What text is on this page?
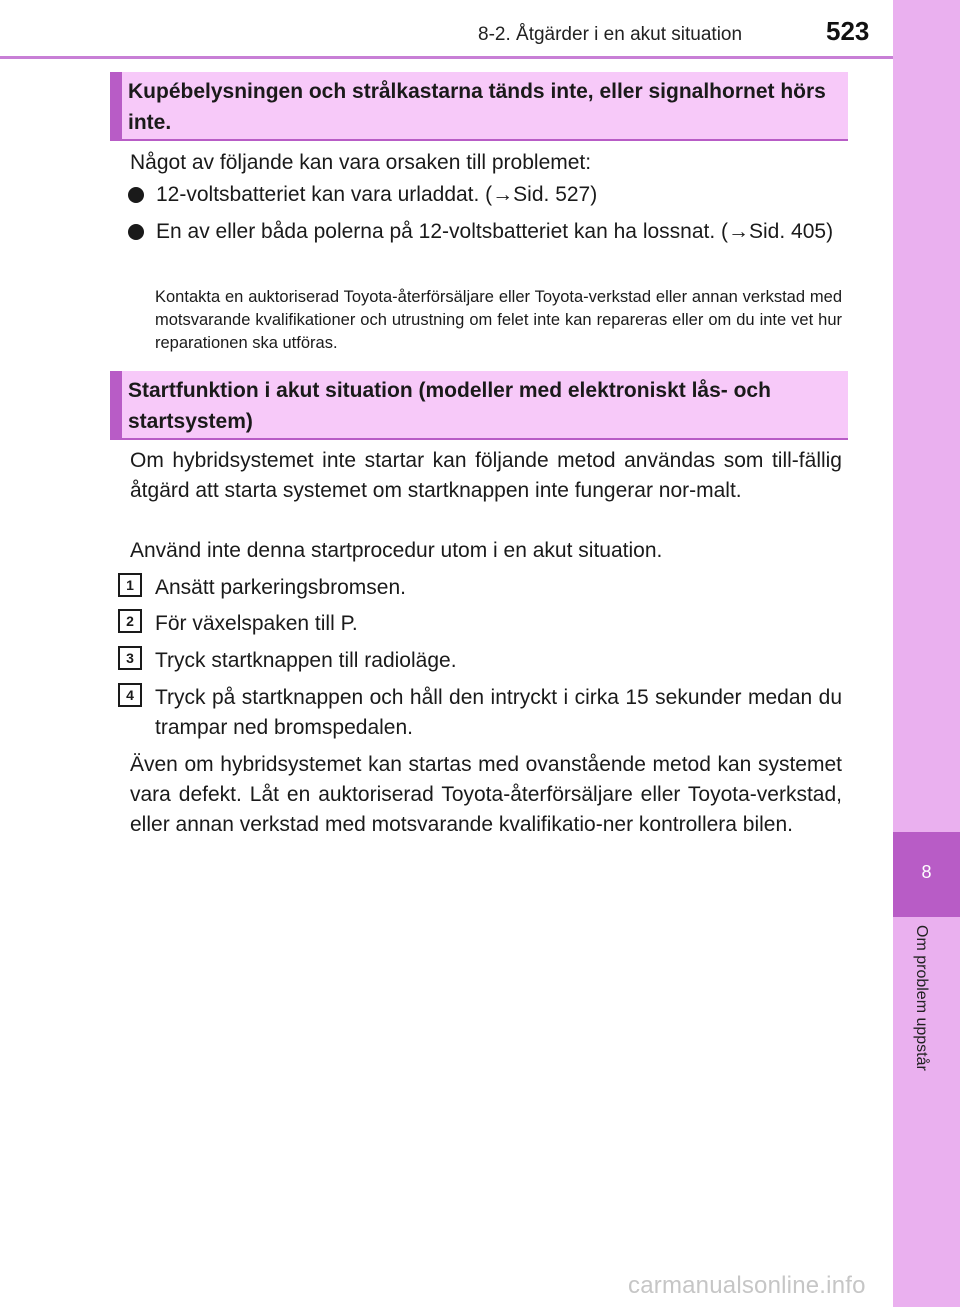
8-2. Åtgärder i en akut situation	523
8
Om problem uppstår
Kupébelysningen och strålkastarna tänds inte, eller signalhornet hörs inte.
Något av följande kan vara orsaken till problemet:
12-voltsbatteriet kan vara urladdat. (→Sid. 527)
En av eller båda polerna på 12-voltsbatteriet kan ha lossnat. (→Sid. 405)
Kontakta en auktoriserad Toyota-återförsäljare eller Toyota-verkstad eller annan verkstad med motsvarande kvalifikationer och utrustning om felet inte kan repareras eller om du inte vet hur reparationen ska utföras.
Startfunktion i akut situation (modeller med elektroniskt lås- och startsystem)
Om hybridsystemet inte startar kan följande metod användas som till-fällig åtgärd att starta systemet om startknappen inte fungerar nor-malt.
Använd inte denna startprocedur utom i en akut situation.
1	Ansätt parkeringsbromsen.
2	För växelspaken till P.
3	Tryck startknappen till radioläge.
4	Tryck på startknappen och håll den intryckt i cirka 15 sekunder medan du trampar ned bromspedalen.
Även om hybridsystemet kan startas med ovanstående metod kan systemet vara defekt. Låt en auktoriserad Toyota-återförsäljare eller Toyota-verkstad, eller annan verkstad med motsvarande kvalifikatio-ner kontrollera bilen.
carmanualsonline.info
